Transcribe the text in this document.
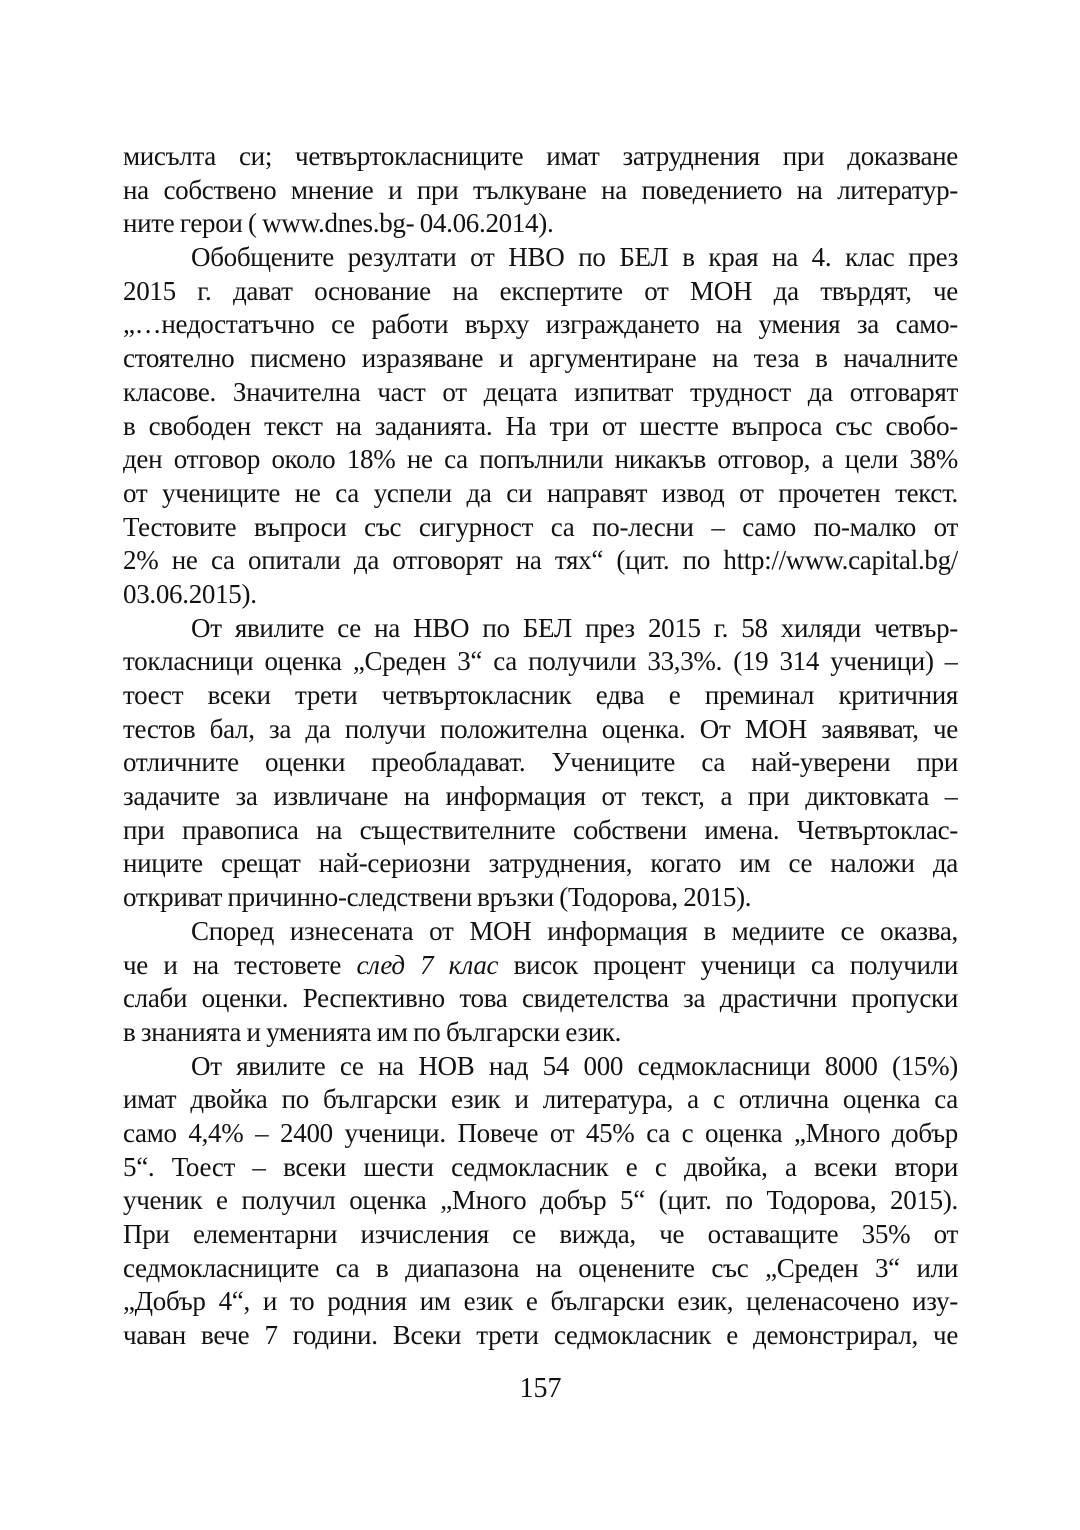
мисълта си; четвъртокласниците имат затруднения при доказване
на собствено мнение и при тълкуване на поведението на литератур-
ните герои ( www.dnes.bg- 04.06.2014).
Обобщените резултати от НВО по БЕЛ в края на 4. клас през
2015 г. дават основание на експертите от МОН да твърдят, че
„…недостатъчно се работи върху изграждането на умения за само-
стоятелно писмено изразяване и аргументиране на теза в началните
класове. Значителна част от децата изпитват трудност да отговарят
в свободен текст на заданията. На три от шестте въпроса със свобо-
ден отговор около 18% не са попълнили никакъв отговор, а цели 38%
от учениците не са успели да си направят извод от прочетен текст.
Тестовите въпроси със сигурност са по-лесни – само по-малко от
2% не са опитали да отговорят на тях“ (цит. по http://www.capital.bg/
03.06.2015).
От явилите се на НВО по БЕЛ през 2015 г. 58 хиляди четвър-
токласници оценка „Среден 3“ са получили 33,3%. (19 314 ученици) –
тоест всеки трети четвъртокласник едва е преминал критичния
тестов бал, за да получи положителна оценка. От МОН заявяват, че
отличните оценки преобладават. Учениците са най-уверени при
задачите за извличане на информация от текст, а при диктовката –
при правописа на съществителните собствени имена. Четвъртоклас-
ниците срещат най-сериозни затруднения, когато им се наложи да
откриват причинно-следствени връзки (Тодорова, 2015).
Според изнесената от МОН информация в медиите се оказва,
че и на тестовете след 7 клас висок процент ученици са получили
слаби оценки. Респективно това свидетелства за драстични пропуски
в знанията и уменията им по български език.
От явилите се на НОВ над 54 000 седмокласници 8000 (15%)
имат двойка по български език и литература, а с отлична оценка са
само 4,4% – 2400 ученици. Повече от 45% са с оценка „Много добър
5“. Тоест – всеки шести седмокласник е с двойка, а всеки втори
ученик е получил оценка „Много добър 5“ (цит. по Тодорова, 2015).
При елементарни изчисления се вижда, че оставащите 35% от
седмокласниците са в диапазона на оценените със „Среден 3“ или
„Добър 4“, и то родния им език е български език, целенасочено изу-
чаван вече 7 години. Всеки трети седмокласник е демонстрирал, че
157
